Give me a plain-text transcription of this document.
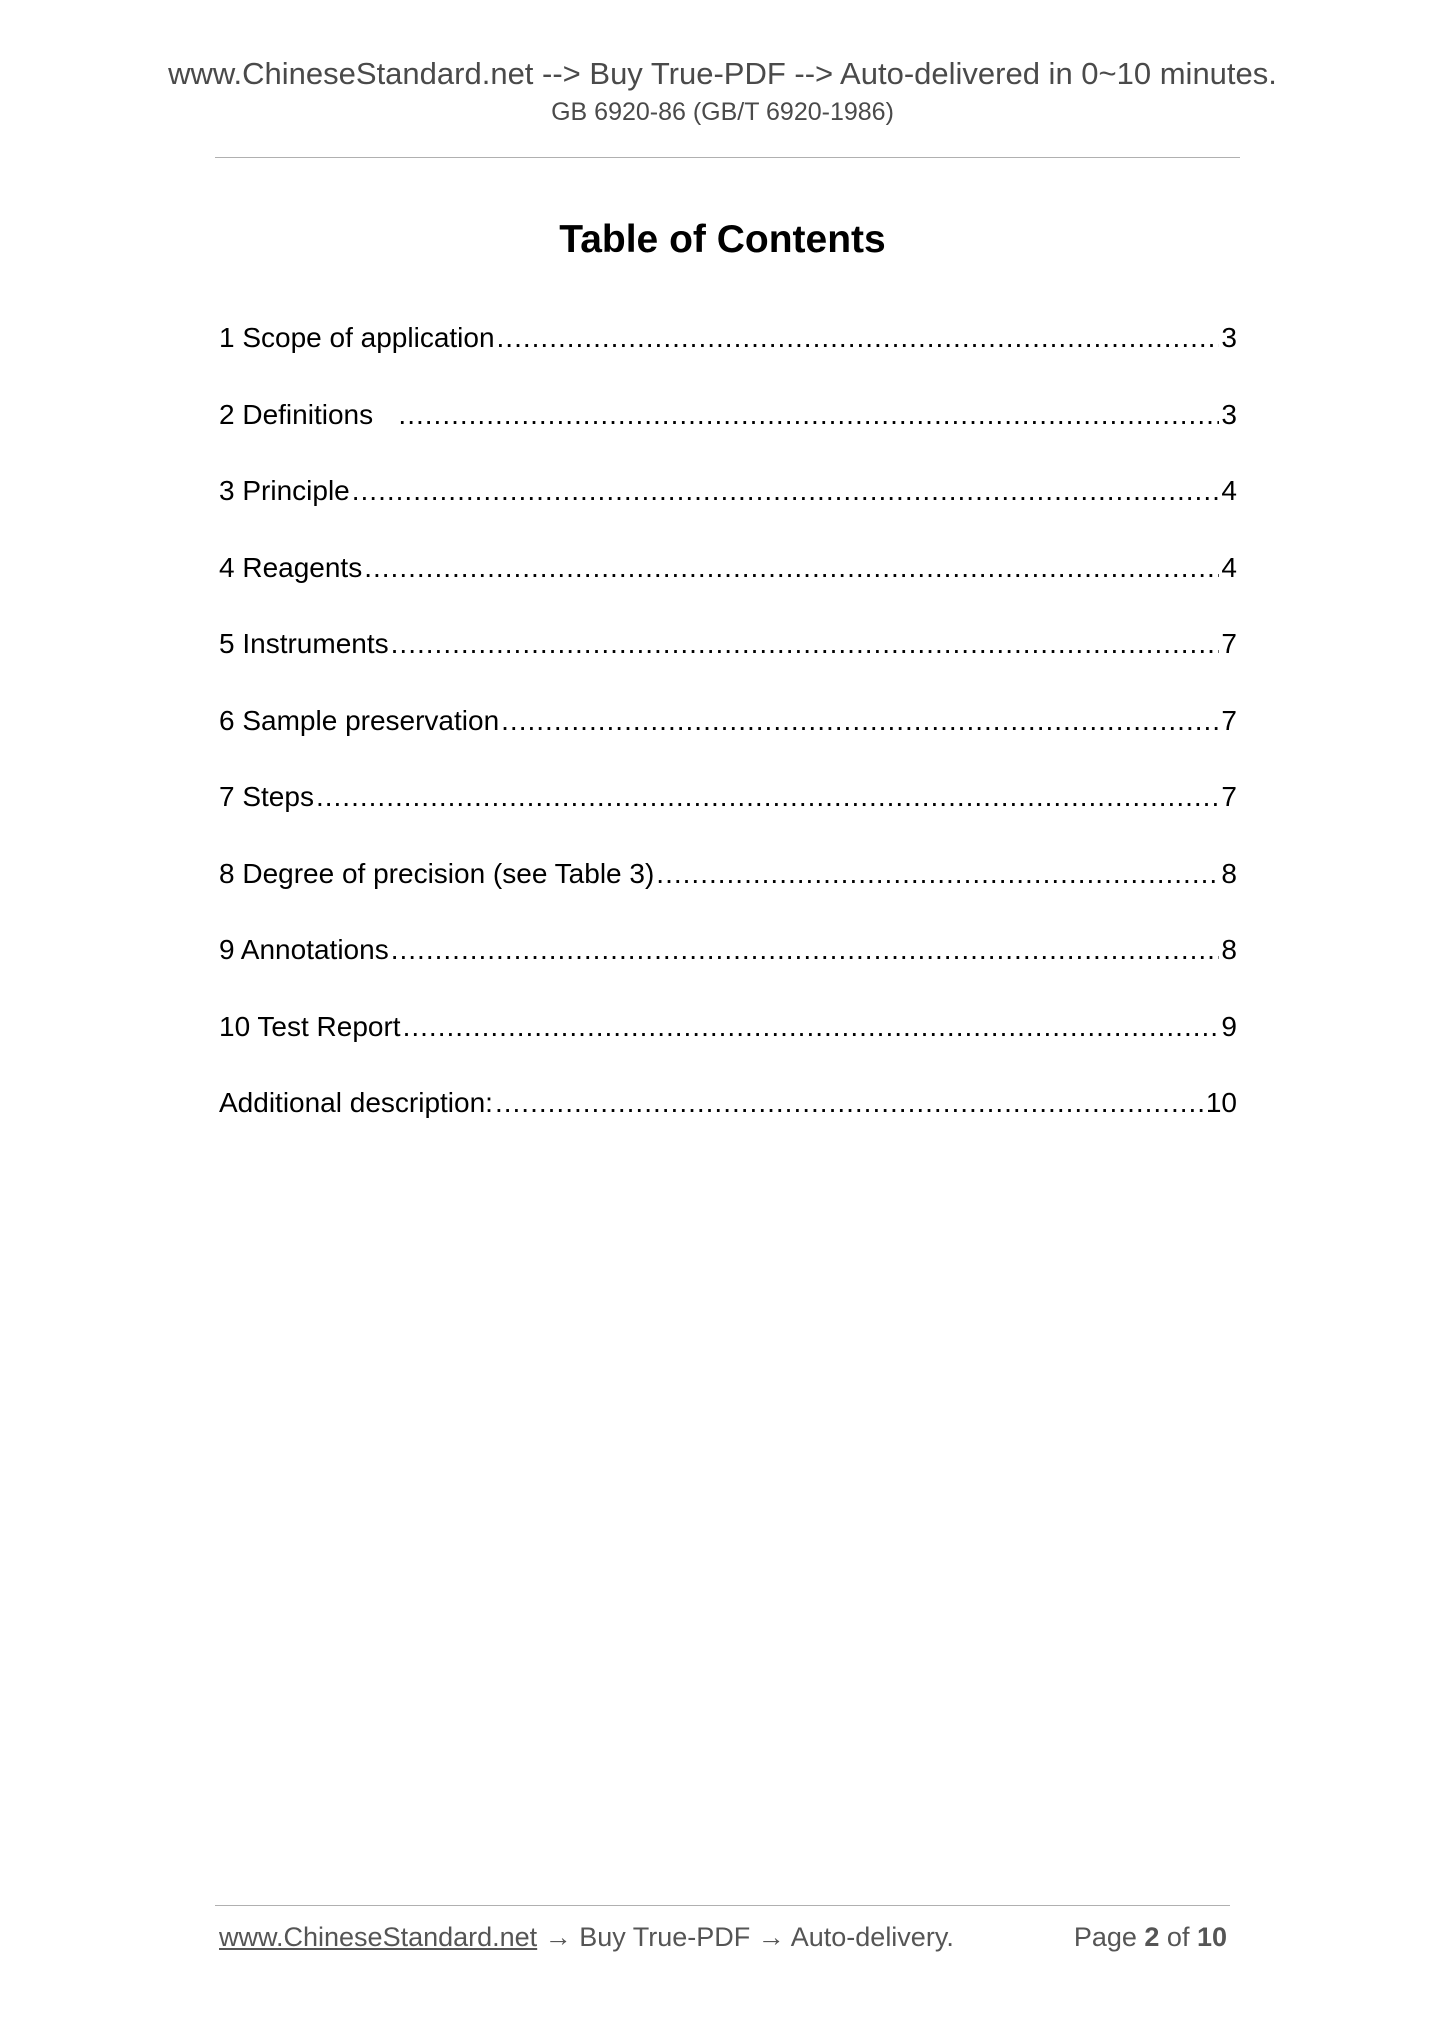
www.ChineseStandard.net --> Buy True-PDF --> Auto-delivered in 0~10 minutes.
GB 6920-86 (GB/T 6920-1986)
Table of Contents
1 Scope of application .....	3
2 Definitions .....	3
3 Principle .....	4
4 Reagents .....	4
5 Instruments .....	7
6 Sample preservation .....	7
7 Steps .....	7
8 Degree of precision (see Table 3) .....	8
9 Annotations .....	8
10 Test Report .....	9
Additional description: .....	10
www.ChineseStandard.net → Buy True-PDF → Auto-delivery.	Page 2 of 10
